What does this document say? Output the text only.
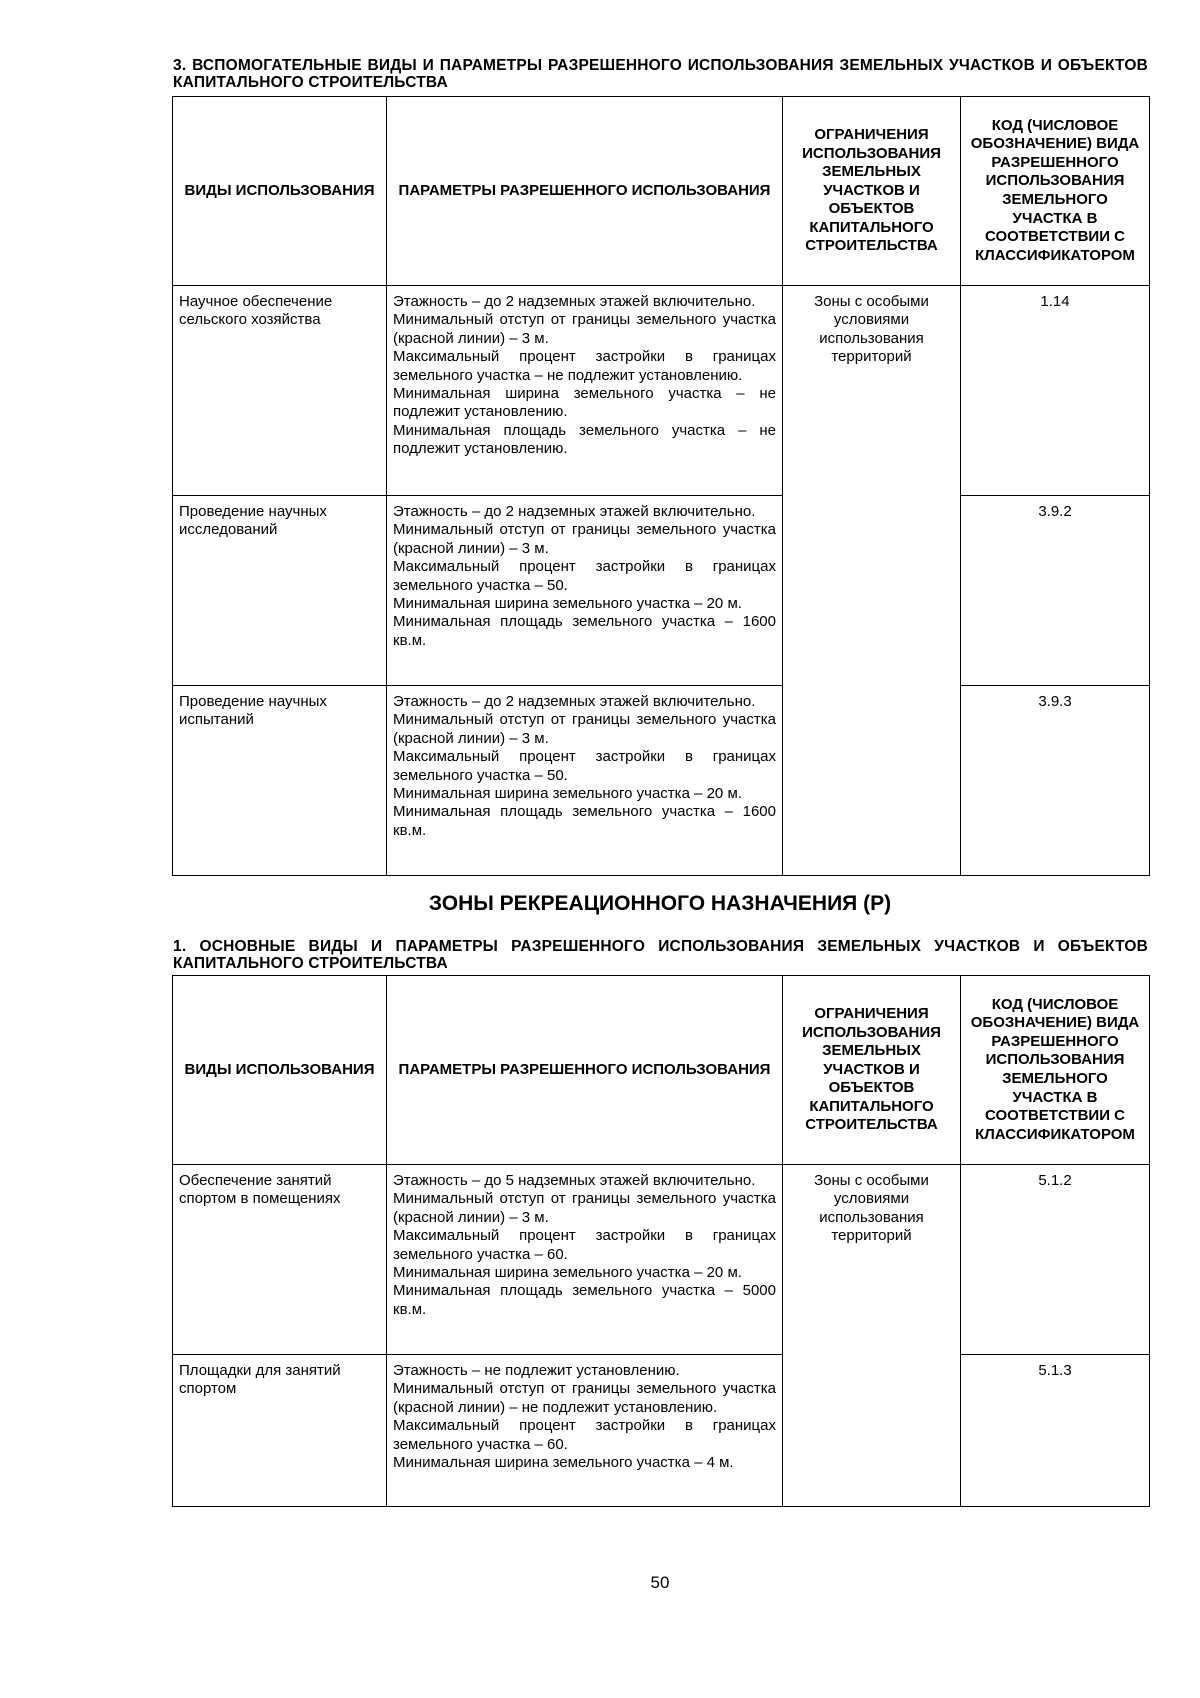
3. ВСПОМОГАТЕЛЬНЫЕ ВИДЫ И ПАРАМЕТРЫ РАЗРЕШЕННОГО ИСПОЛЬЗОВАНИЯ ЗЕМЕЛЬНЫХ УЧАСТКОВ И ОБЪЕКТОВ КАПИТАЛЬНОГО СТРОИТЕЛЬСТВА
ВИДЫ ИСПОЛЬЗОВАНИЯ	ПАРАМЕТРЫ РАЗРЕШЕННОГО ИСПОЛЬЗОВАНИЯ	ОГРАНИЧЕНИЯ ИСПОЛЬЗОВАНИЯ ЗЕМЕЛЬНЫХ УЧАСТКОВ И ОБЪЕКТОВ КАПИТАЛЬНОГО СТРОИТЕЛЬСТВА	КОД (ЧИСЛОВОЕ ОБОЗНАЧЕНИЕ) ВИДА РАЗРЕШЕННОГО ИСПОЛЬЗОВАНИЯ ЗЕМЕЛЬНОГО УЧАСТКА В СООТВЕТСТВИИ С КЛАССИФИКАТОРОМ
Научное обеспечение сельского хозяйства	Этажность – до 2 надземных этажей включительно.
Минимальный отступ от границы земельного участка (красной линии) – 3 м.
Максимальный процент застройки в границах земельного участка – не подлежит установлению.
Минимальная ширина земельного участка – не подлежит установлению.
Минимальная площадь земельного участка – не подлежит установлению.	Зоны с особыми условиями использования территорий	1.14
Проведение научных исследований	Этажность – до 2 надземных этажей включительно.
Минимальный отступ от границы земельного участка (красной линии) – 3 м.
Максимальный процент застройки в границах земельного участка – 50.
Минимальная ширина земельного участка – 20 м.
Минимальная площадь земельного участка – 1600 кв.м.		3.9.2
Проведение научных испытаний	Этажность – до 2 надземных этажей включительно.
Минимальный отступ от границы земельного участка (красной линии) – 3 м.
Максимальный процент застройки в границах земельного участка – 50.
Минимальная ширина земельного участка – 20 м.
Минимальная площадь земельного участка – 1600 кв.м.		3.9.3
ЗОНЫ РЕКРЕАЦИОННОГО НАЗНАЧЕНИЯ (Р)
1. ОСНОВНЫЕ ВИДЫ И ПАРАМЕТРЫ РАЗРЕШЕННОГО ИСПОЛЬЗОВАНИЯ ЗЕМЕЛЬНЫХ УЧАСТКОВ И ОБЪЕКТОВ КАПИТАЛЬНОГО СТРОИТЕЛЬСТВА
ВИДЫ ИСПОЛЬЗОВАНИЯ	ПАРАМЕТРЫ РАЗРЕШЕННОГО ИСПОЛЬЗОВАНИЯ	ОГРАНИЧЕНИЯ ИСПОЛЬЗОВАНИЯ ЗЕМЕЛЬНЫХ УЧАСТКОВ И ОБЪЕКТОВ КАПИТАЛЬНОГО СТРОИТЕЛЬСТВА	КОД (ЧИСЛОВОЕ ОБОЗНАЧЕНИЕ) ВИДА РАЗРЕШЕННОГО ИСПОЛЬЗОВАНИЯ ЗЕМЕЛЬНОГО УЧАСТКА В СООТВЕТСТВИИ С КЛАССИФИКАТОРОМ
Обеспечение занятий спортом в помещениях	Этажность – до 5 надземных этажей включительно.
Минимальный отступ от границы земельного участка (красной линии) – 3 м.
Максимальный процент застройки в границах земельного участка – 60.
Минимальная ширина земельного участка – 20 м.
Минимальная площадь земельного участка – 5000 кв.м.	Зоны с особыми условиями использования территорий	5.1.2
Площадки для занятий спортом	Этажность – не подлежит установлению.
Минимальный отступ от границы земельного участка (красной линии) – не подлежит установлению.
Максимальный процент застройки в границах земельного участка – 60.
Минимальная ширина земельного участка – 4 м.		5.1.3
50
